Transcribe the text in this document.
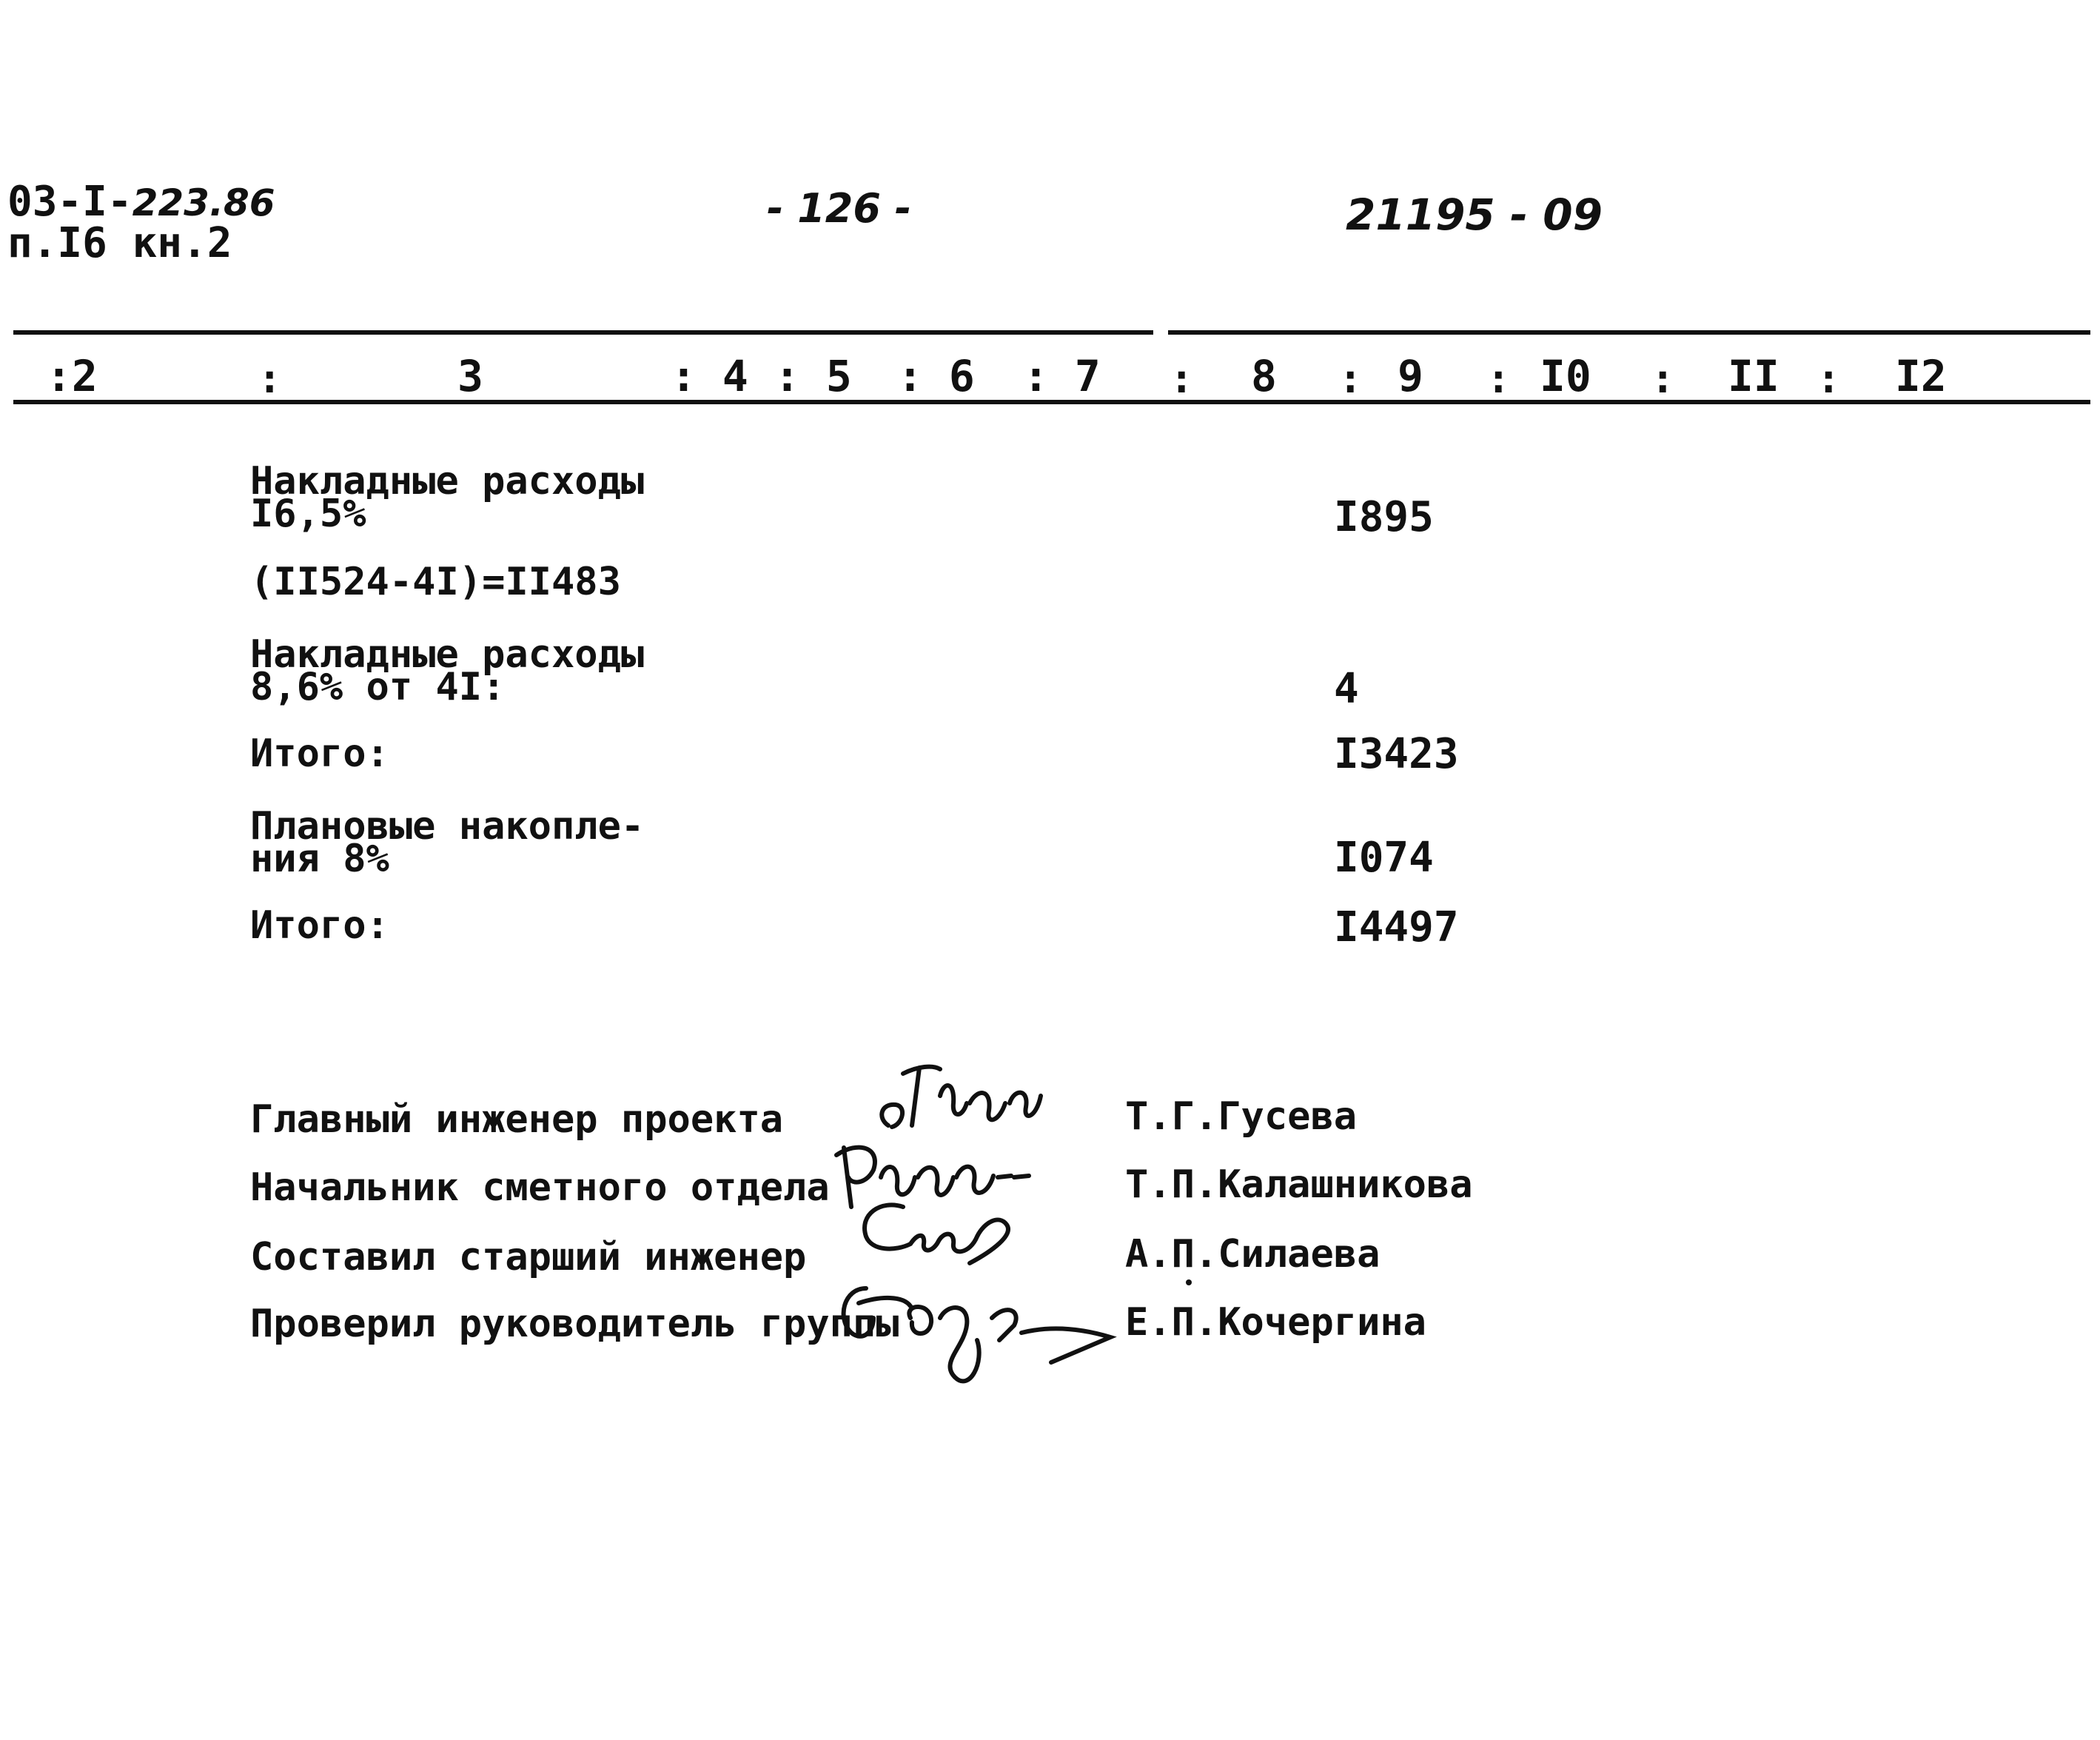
03-I-223.86
п.I6 кн.2
- 126 -	21195 - 09
:2	:	3	: 4 : 5 : 6 : 7 : 8 : 9 : I0 : II : I2
Накладные расходы
I6,5%	I895
(II524-4I)=II483
Накладные расходы
8,6% от 4I:	4
Итого:	I3423
Плановые накопле-
ния 8%	I074
Итого:	I4497
Главный инженер проекта	Т.Г.Гусева
Начальник сметного отдела	Т.П.Калашникова
Составил старший инженер	А.П.Силаева
Проверил руководитель группы	Е.П.Кочергина
